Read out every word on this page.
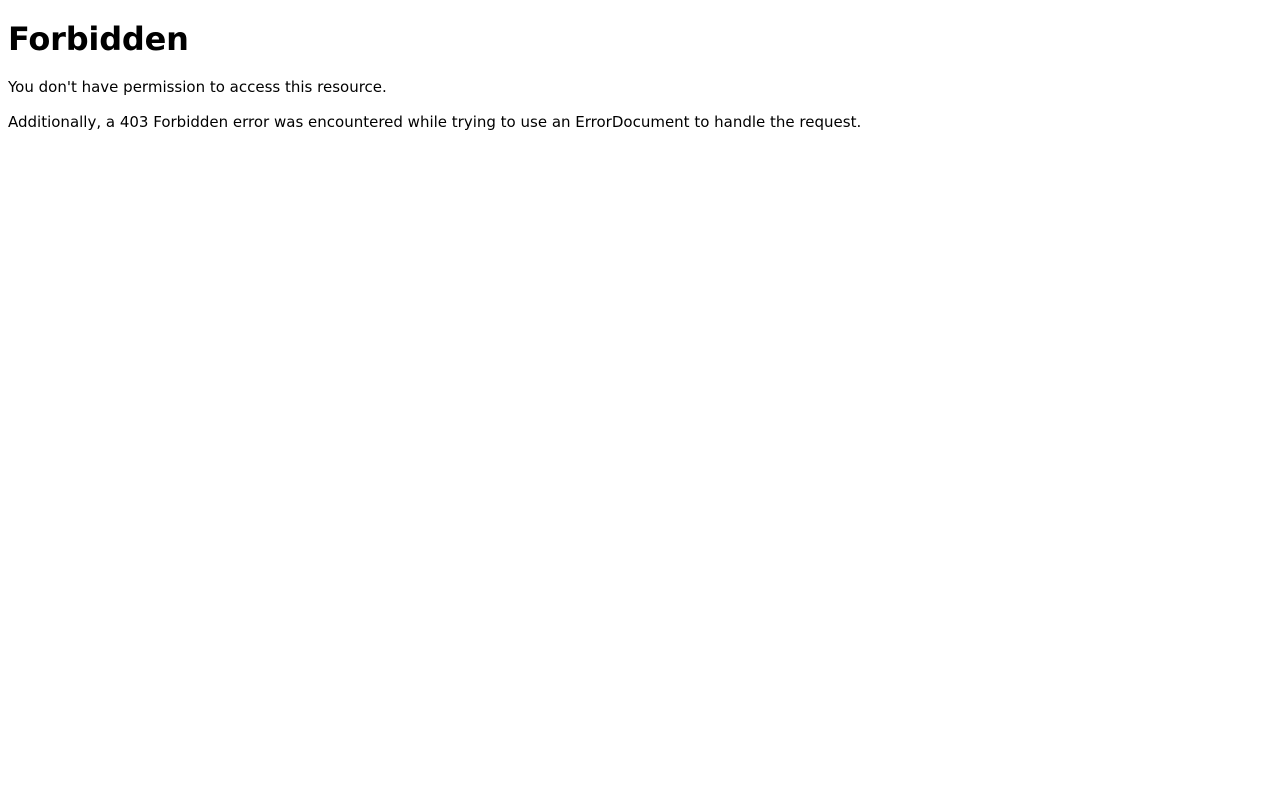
Forbidden

You don't have permission to access this resource.

Additionally, a 403 Forbidden error was encountered while trying to use an ErrorDocument to handle the request.
